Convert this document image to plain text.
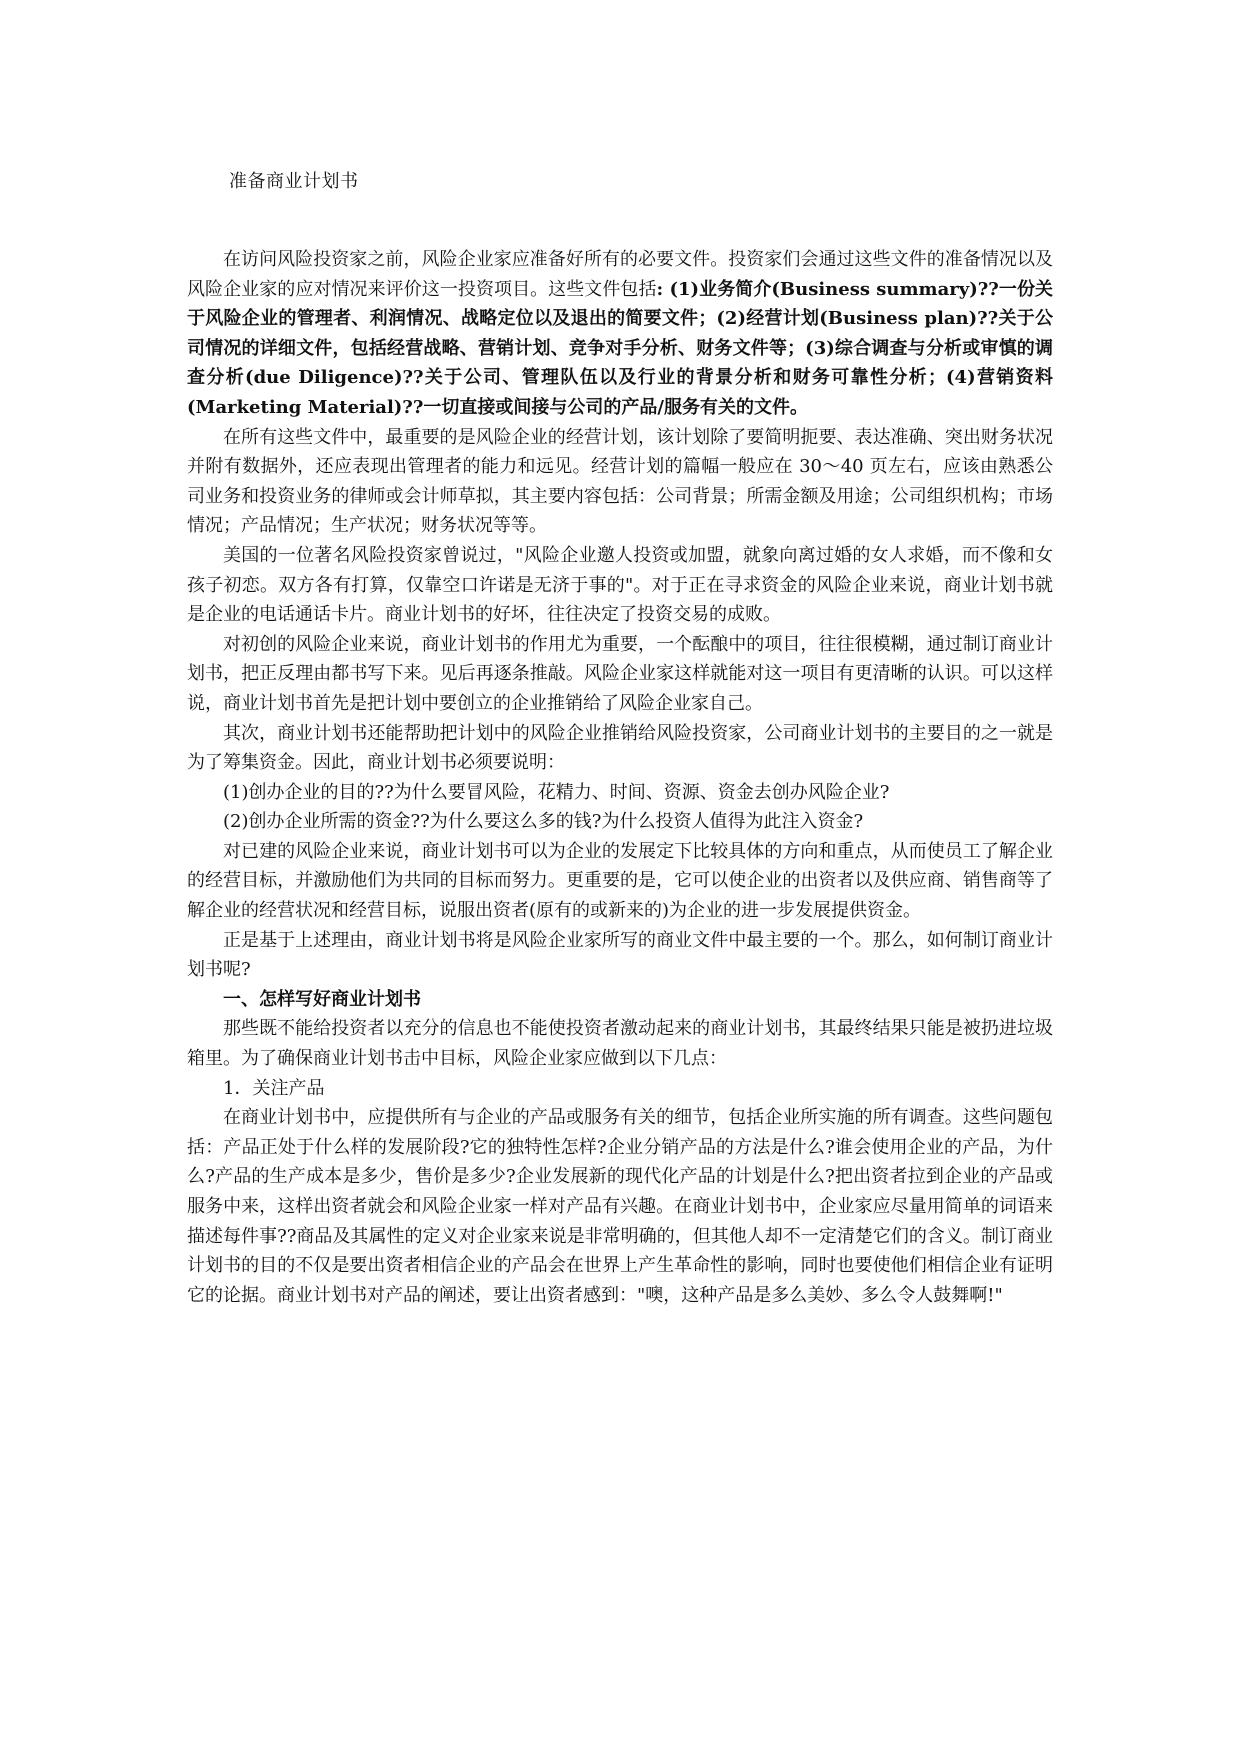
准备商业计划书

在访问风险投资家之前，风险企业家应准备好所有的必要文件。投资家们会通过这些文件的准备情况以及风险企业家的应对情况来评价这一投资项目。这些文件包括: (1)业务简介(Business summary)??一份关于风险企业的管理者、利润情况、战略定位以及退出的简要文件；(2)经营计划(Business plan)??关于公司情况的详细文件，包括经营战略、营销计划、竞争对手分析、财务文件等；(3)综合调查与分析或审慎的调查分析(due Diligence)??关于公司、管理队伍以及行业的背景分析和财务可靠性分析；(4)营销资料(Marketing Material)??一切直接或间接与公司的产品/服务有关的文件。

在所有这些文件中，最重要的是风险企业的经营计划，该计划除了要简明扼要、表达准确、突出财务状况并附有数据外，还应表现出管理者的能力和远见。经营计划的篇幅一般应在 30～40 页左右，应该由熟悉公司业务和投资业务的律师或会计师草拟，其主要内容包括：公司背景；所需金额及用途；公司组织机构；市场情况；产品情况；生产状况；财务状况等等。

美国的一位著名风险投资家曾说过，"风险企业邀人投资或加盟，就象向离过婚的女人求婚，而不像和女孩子初恋。双方各有打算，仅靠空口许诺是无济于事的"。对于正在寻求资金的风险企业来说，商业计划书就是企业的电话通话卡片。商业计划书的好坏，往往决定了投资交易的成败。

对初创的风险企业来说，商业计划书的作用尤为重要，一个酝酿中的项目，往往很模糊，通过制订商业计划书，把正反理由都书写下来。见后再逐条推敲。风险企业家这样就能对这一项目有更清晰的认识。可以这样说，商业计划书首先是把计划中要创立的企业推销给了风险企业家自己。

其次，商业计划书还能帮助把计划中的风险企业推销给风险投资家，公司商业计划书的主要目的之一就是为了筹集资金。因此，商业计划书必须要说明：

(1)创办企业的目的??为什么要冒风险，花精力、时间、资源、资金去创办风险企业?

(2)创办企业所需的资金??为什么要这么多的钱?为什么投资人值得为此注入资金?

对已建的风险企业来说，商业计划书可以为企业的发展定下比较具体的方向和重点，从而使员工了解企业的经营目标，并激励他们为共同的目标而努力。更重要的是，它可以使企业的出资者以及供应商、销售商等了解企业的经营状况和经营目标，说服出资者(原有的或新来的)为企业的进一步发展提供资金。

正是基于上述理由，商业计划书将是风险企业家所写的商业文件中最主要的一个。那么，如何制订商业计划书呢?

一、怎样写好商业计划书

那些既不能给投资者以充分的信息也不能使投资者激动起来的商业计划书，其最终结果只能是被扔进垃圾箱里。为了确保商业计划书击中目标，风险企业家应做到以下几点：

1．关注产品

在商业计划书中，应提供所有与企业的产品或服务有关的细节，包括企业所实施的所有调查。这些问题包括：产品正处于什么样的发展阶段?它的独特性怎样?企业分销产品的方法是什么?谁会使用企业的产品，为什么?产品的生产成本是多少，售价是多少?企业发展新的现代化产品的计划是什么?把出资者拉到企业的产品或服务中来，这样出资者就会和风险企业家一样对产品有兴趣。在商业计划书中，企业家应尽量用简单的词语来描述每件事??商品及其属性的定义对企业家来说是非常明确的，但其他人却不一定清楚它们的含义。制订商业计划书的目的不仅是要出资者相信企业的产品会在世界上产生革命性的影响，同时也要使他们相信企业有证明它的论据。商业计划书对产品的阐述，要让出资者感到："噢，这种产品是多么美妙、多么令人鼓舞啊!"
